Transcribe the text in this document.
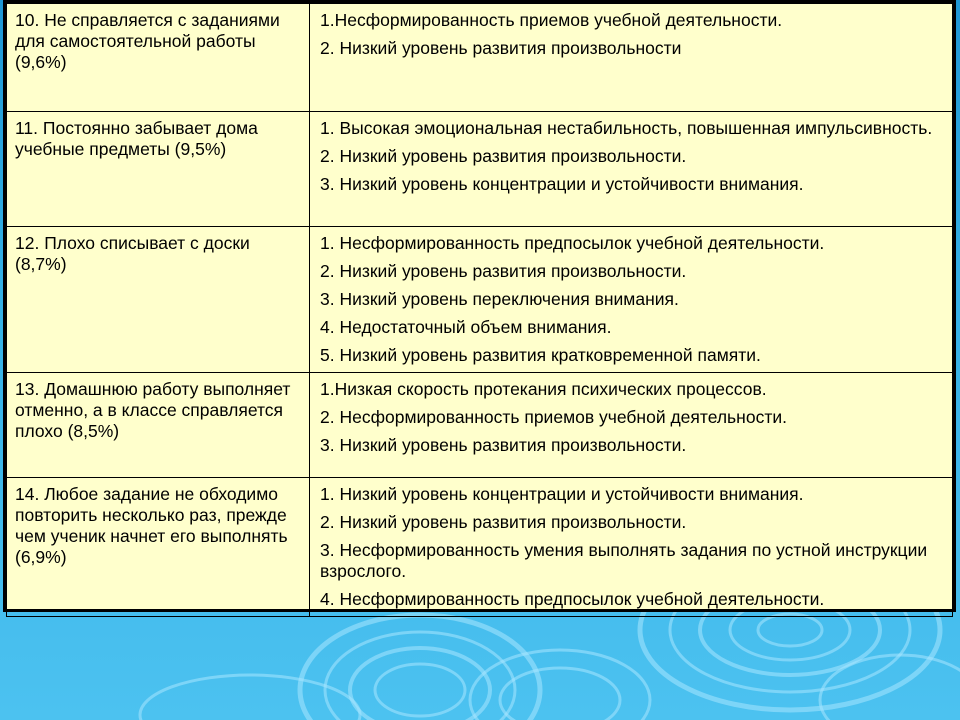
10. Не справляется с заданиями для самостоятельной работы (9,6%)	1.Несформированность приемов учебной деятельности.
2. Низкий уровень развития произвольности

11. Постоянно забывает дома учебные предметы (9,5%)	1. Высокая эмоциональная нестабильность, повышенная импульсивность.
2. Низкий уровень развития произвольности.
3. Низкий уровень концентрации и устойчивости внимания.

12. Плохо списывает с доски (8,7%)	1. Несформированность предпосылок учебной деятельности.
2. Низкий уровень развития произвольности.
3. Низкий уровень переключения внимания.
4. Недостаточный объем внимания.
5. Низкий уровень развития кратковременной памяти.

13. Домашнюю работу выполняет отменно, а в классе справляется плохо (8,5%)	1.Низкая скорость протекания психических процессов.
2. Несформированность приемов учебной деятельности.
3. Низкий уровень развития произвольности.

14. Любое задание не обходимо повторить несколько раз, прежде чем ученик начнет его выполнять (6,9%)	1. Низкий уровень концентрации и устойчивости внимания.
2. Низкий уровень развития произвольности.
3. Несформированность умения выполнять задания по устной инструкции взрослого.
4. Несформированность предпосылок учебной деятельности.
